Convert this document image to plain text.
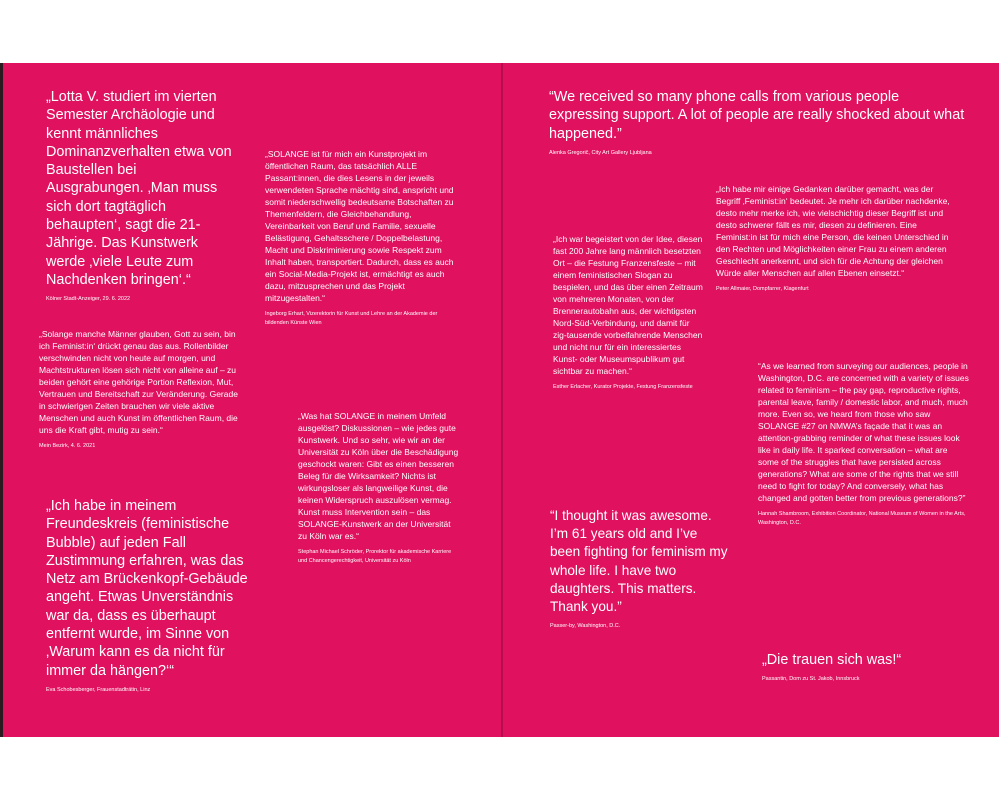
„Lotta V. studiert im vierten Semester Archäologie und kennt männliches Dominanzverhalten etwa von Baustellen bei Ausgrabungen. ‚Man muss sich dort tagtäglich behaupten‘, sagt die 21-Jährige. Das Kunstwerk werde ‚viele Leute zum Nachdenken bringen‘.“

Kölner Stadt-Anzeiger, 29. 6. 2022

„SOLANGE ist für mich ein Kunstprojekt im öffentlichen Raum, das tatsächlich ALLE Passant:innen, die dies Lesens in der jeweils verwendeten Sprache mächtig sind, anspricht und somit niederschwellig bedeutsame Botschaften zu Themenfeldern, die Gleichbehandlung, Vereinbarkeit von Beruf und Familie, sexuelle Belästigung, Gehaltsschere / Doppelbelastung, Macht und Diskriminierung sowie Respekt zum Inhalt haben, transportiert. Dadurch, dass es auch ein Social-Media-Projekt ist, ermächtigt es auch dazu, mitzusprechen und das Projekt mitzugestalten.“

Ingeborg Erhart, Vizerektorin für Kunst und Lehre an der Akademie der bildenden Künste Wien

„Solange manche Männer glauben, Gott zu sein, bin ich Feminist:in‘ drückt genau das aus. Rollenbilder verschwinden nicht von heute auf morgen, und Machtstrukturen lösen sich nicht von alleine auf – zu beiden gehört eine gehörige Portion Reflexion, Mut, Vertrauen und Bereitschaft zur Veränderung. Gerade in schwierigen Zeiten brauchen wir viele aktive Menschen und auch Kunst im öffentlichen Raum, die uns die Kraft gibt, mutig zu sein.“

Mein Bezirk, 4. 6. 2021

„Was hat SOLANGE in meinem Umfeld ausgelöst? Diskussionen – wie jedes gute Kunstwerk. Und so sehr, wie wir an der Universität zu Köln über die Beschädigung geschockt waren: Gibt es einen besseren Beleg für die Wirksamkeit? Nichts ist wirkungsloser als langweilige Kunst, die keinen Widerspruch auszulösen vermag. Kunst muss Intervention sein – das SOLANGE-Kunstwerk an der Universität zu Köln war es.“

Stephan Michael Schröder, Prorektor für akademische Karriere und Chancengerechtigkeit, Universität zu Köln

„Ich habe in meinem Freundeskreis (feministische Bubble) auf jeden Fall Zustimmung erfahren, was das Netz am Brückenkopf-Gebäude angeht. Etwas Unverständnis war da, dass es überhaupt entfernt wurde, im Sinne von ‚Warum kann es da nicht für immer da hängen?‘“

Eva Schobesberger, Frauenstadträtin, Linz

“We received so many phone calls from various people expressing support. A lot of people are really shocked about what happened.”

Alenka Gregorič, City Art Gallery Ljubljana

„Ich habe mir einige Gedanken darüber gemacht, was der Begriff ‚Feminist:in‘ bedeutet. Je mehr ich darüber nachdenke, desto mehr merke ich, wie vielschichtig dieser Begriff ist und desto schwerer fällt es mir, diesen zu definieren. Eine Feminist:in ist für mich eine Person, die keinen Unterschied in den Rechten und Möglichkeiten einer Frau zu einem anderen Geschlecht anerkennt, und sich für die Achtung der gleichen Würde aller Menschen auf allen Ebenen einsetzt.“

Peter Allmaier, Dompfarrer, Klagenfurt

„Ich war begeistert von der Idee, diesen fast 200 Jahre lang männlich besetzten Ort – die Festung Franzensfeste – mit einem feministischen Slogan zu bespielen, und das über einen Zeitraum von mehreren Monaten, von der Brennerautobahn aus, der wichtigsten Nord-Süd-Verbindung, und damit für zig-tausende vorbeifahrende Menschen und nicht nur für ein interessiertes Kunst- oder Museumspublikum gut sichtbar zu machen.“

Esther Erlacher, Kurator Projekte, Festung Franzensfeste

“As we learned from surveying our audiences, people in Washington, D.C. are concerned with a variety of issues related to feminism – the pay gap, reproductive rights, parental leave, family / domestic labor, and much, much more. Even so, we heard from those who saw SOLANGE #27 on NMWA’s façade that it was an attention-grabbing reminder of what these issues look like in daily life. It sparked conversation – what are some of the struggles that have persisted across generations? What are some of the rights that we still need to fight for today? And conversely, what has changed and gotten better from previous generations?”

Hannah Shambroom, Exhibition Coordinator, National Museum of Women in the Arts, Washington, D.C.

“I thought it was awesome. I’m 61 years old and I’ve been fighting for feminism my whole life. I have two daughters. This matters. Thank you.”

Passer-by, Washington, D.C.

„Die trauen sich was!“

Passantin, Dom zu St. Jakob, Innsbruck
